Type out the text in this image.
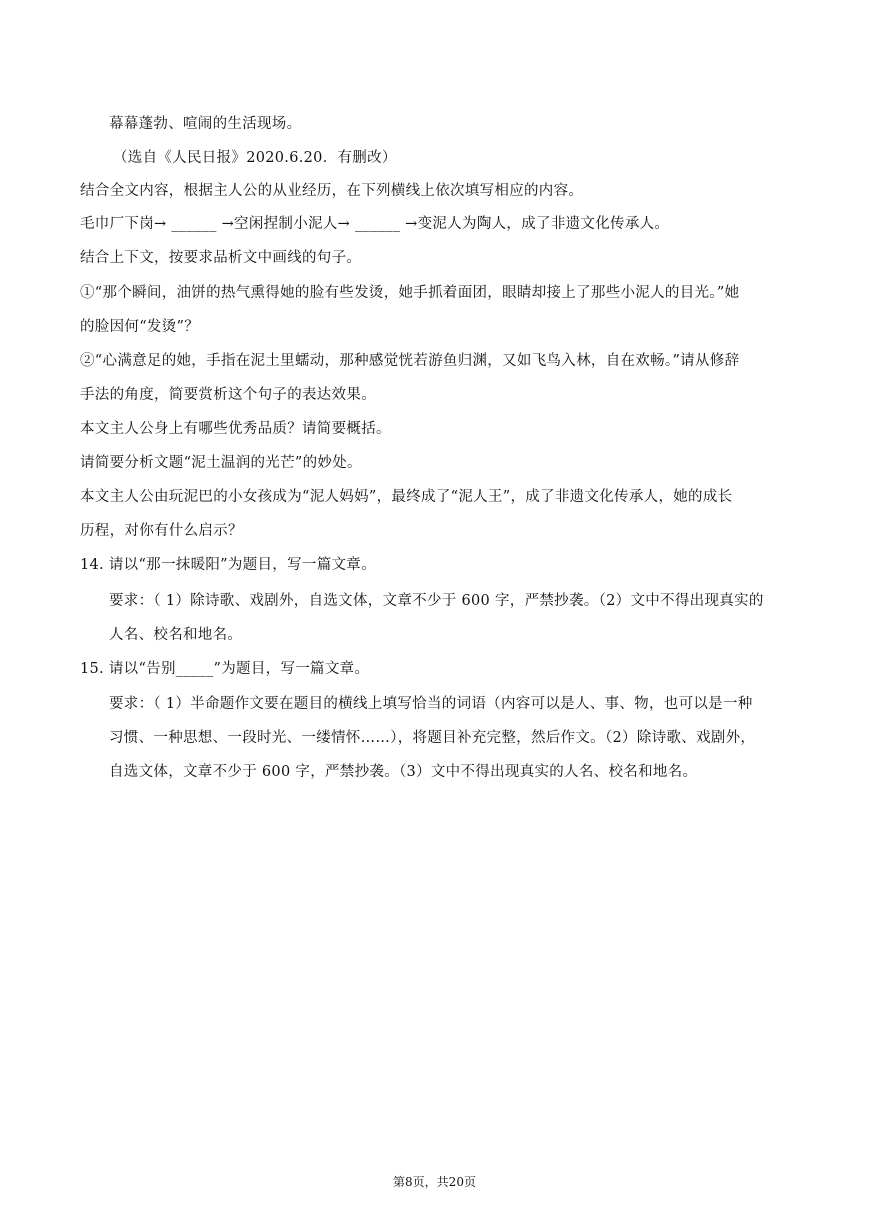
幕幕蓬勃、喧闹的生活现场。
（选自《人民日报》2020.6.20．有删改）
结合全文内容，根据主人公的从业经历，在下列横线上依次填写相应的内容。
毛巾厂下岗→ ______ →空闲捏制小泥人→ ______ →变泥人为陶人，成了非遗文化传承人。
结合上下文，按要求品析文中画线的句子。
①“那个瞬间，油饼的热气熏得她的脸有些发烫，她手抓着面团，眼睛却接上了那些小泥人的目光。”她
的脸因何“发烫”？
②“心满意足的她，手指在泥土里蠕动，那种感觉恍若游鱼归渊，又如飞鸟入林，自在欢畅。”请从修辞
手法的角度，简要赏析这个句子的表达效果。
本文主人公身上有哪些优秀品质？请简要概括。
请简要分析文题“泥土温润的光芒”的妙处。
本文主人公由玩泥巴的小女孩成为“泥人妈妈”，最终成了“泥人王”，成了非遗文化传承人，她的成长
历程，对你有什么启示？
14. 请以“那一抹暖阳”为题目，写一篇文章。
要求：（ 1）除诗歌、戏剧外，自选文体，文章不少于 600 字，严禁抄袭。（2）文中不得出现真实的
人名、校名和地名。
15. 请以“告别_____”为题目，写一篇文章。
要求：（ 1）半命题作文要在题目的横线上填写恰当的词语（内容可以是人、事、物，也可以是一种
习惯、一种思想、一段时光、一缕情怀……），将题目补充完整，然后作文。（2）除诗歌、戏剧外，
自选文体，文章不少于 600 字，严禁抄袭。（3）文中不得出现真实的人名、校名和地名。
第8页，共20页
